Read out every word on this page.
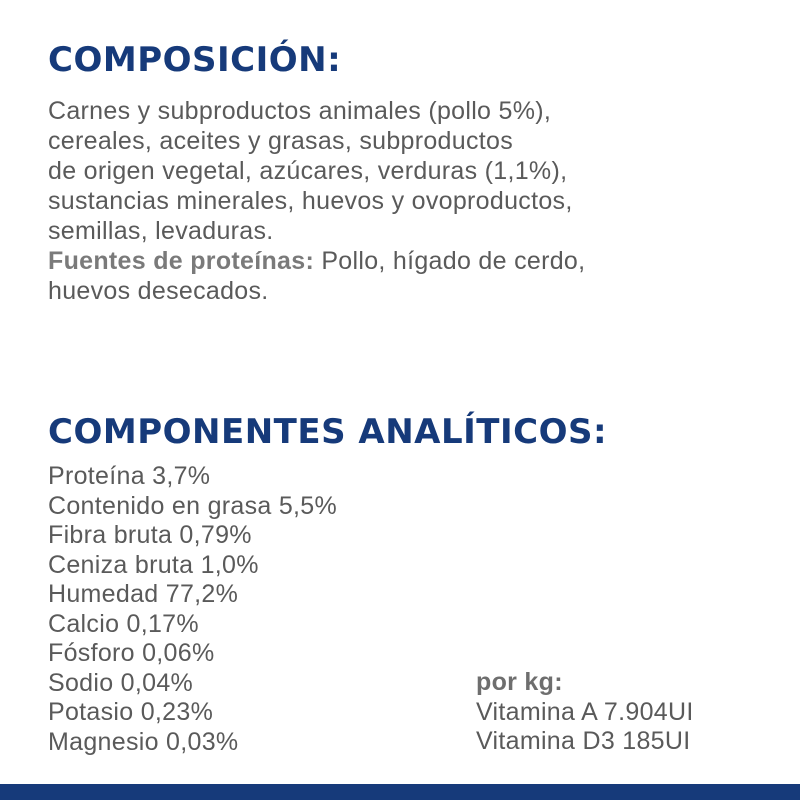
COMPOSICIÓN:
Carnes y subproductos animales (pollo 5%),
cereales, aceites y grasas, subproductos
de origen vegetal, azúcares, verduras (1,1%),
sustancias minerales, huevos y ovoproductos,
semillas, levaduras.
Fuentes de proteínas: Pollo, hígado de cerdo,
huevos desecados.
COMPONENTES ANALÍTICOS:
Proteína 3,7%
Contenido en grasa 5,5%
Fibra bruta 0,79%
Ceniza bruta 1,0%
Humedad 77,2%
Calcio 0,17%
Fósforo 0,06%
Sodio 0,04%
Potasio 0,23%
Magnesio 0,03%
por kg:
Vitamina A 7.904UI
Vitamina D3 185UI
